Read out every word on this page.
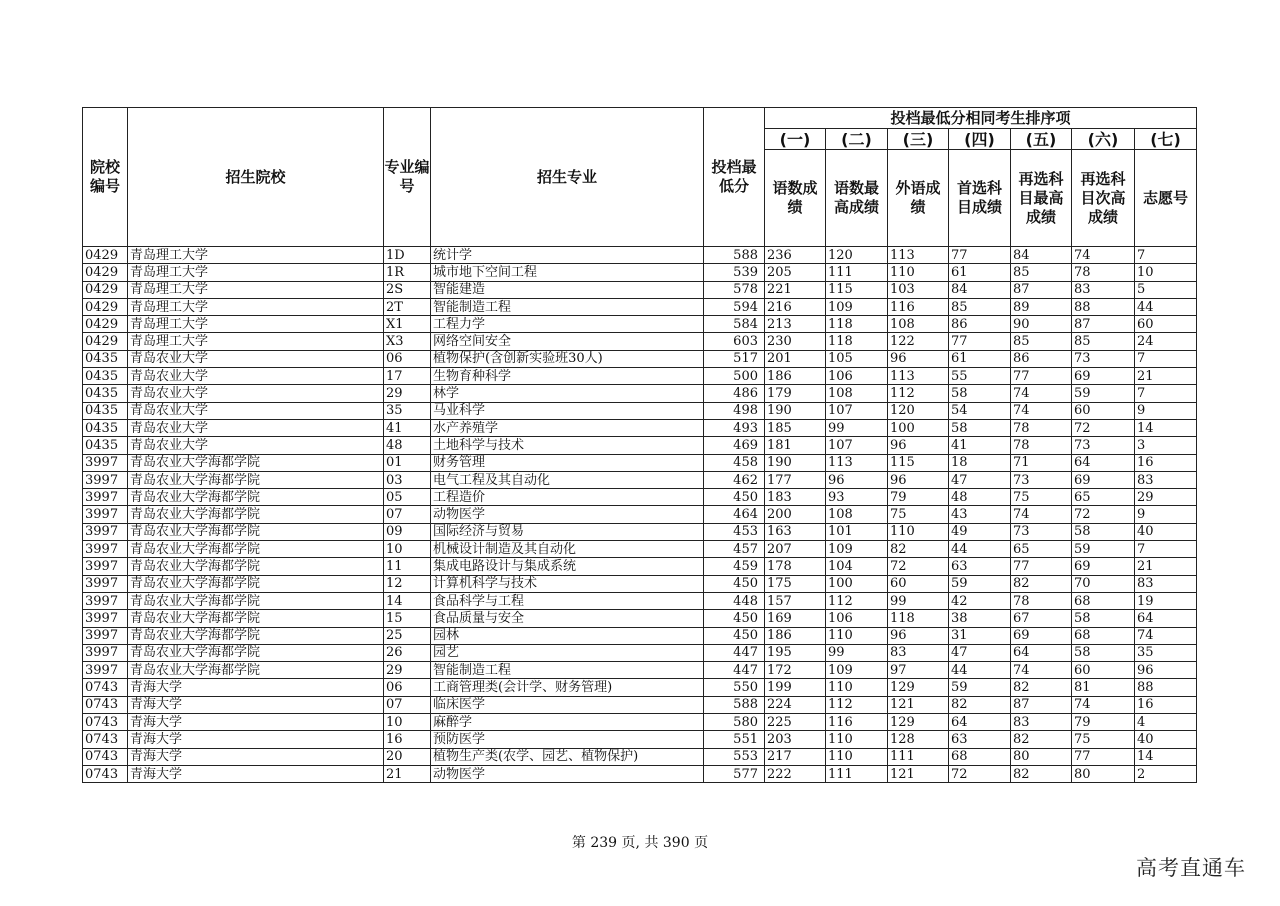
院校编号	招生院校	专业编号	招生专业	投档最低分	投档最低分相同考生排序项						
					(一)	(二)	(三)	(四)	(五)	(六)	(七)
					语数成绩	语数最高成绩	外语成绩	首选科目成绩	再选科目最高成绩	再选科目次高成绩	志愿号
0429	青岛理工大学	1D	统计学	588	236	120	113	77	84	74	7
0429	青岛理工大学	1R	城市地下空间工程	539	205	111	110	61	85	78	10
0429	青岛理工大学	2S	智能建造	578	221	115	103	84	87	83	5
0429	青岛理工大学	2T	智能制造工程	594	216	109	116	85	89	88	44
0429	青岛理工大学	X1	工程力学	584	213	118	108	86	90	87	60
0429	青岛理工大学	X3	网络空间安全	603	230	118	122	77	85	85	24
0435	青岛农业大学	06	植物保护(含创新实验班30人)	517	201	105	96	61	86	73	7
0435	青岛农业大学	17	生物育种科学	500	186	106	113	55	77	69	21
0435	青岛农业大学	29	林学	486	179	108	112	58	74	59	7
0435	青岛农业大学	35	马业科学	498	190	107	120	54	74	60	9
0435	青岛农业大学	41	水产养殖学	493	185	99	100	58	78	72	14
0435	青岛农业大学	48	土地科学与技术	469	181	107	96	41	78	73	3
3997	青岛农业大学海都学院	01	财务管理	458	190	113	115	18	71	64	16
3997	青岛农业大学海都学院	03	电气工程及其自动化	462	177	96	96	47	73	69	83
3997	青岛农业大学海都学院	05	工程造价	450	183	93	79	48	75	65	29
3997	青岛农业大学海都学院	07	动物医学	464	200	108	75	43	74	72	9
3997	青岛农业大学海都学院	09	国际经济与贸易	453	163	101	110	49	73	58	40
3997	青岛农业大学海都学院	10	机械设计制造及其自动化	457	207	109	82	44	65	59	7
3997	青岛农业大学海都学院	11	集成电路设计与集成系统	459	178	104	72	63	77	69	21
3997	青岛农业大学海都学院	12	计算机科学与技术	450	175	100	60	59	82	70	83
3997	青岛农业大学海都学院	14	食品科学与工程	448	157	112	99	42	78	68	19
3997	青岛农业大学海都学院	15	食品质量与安全	450	169	106	118	38	67	58	64
3997	青岛农业大学海都学院	25	园林	450	186	110	96	31	69	68	74
3997	青岛农业大学海都学院	26	园艺	447	195	99	83	47	64	58	35
3997	青岛农业大学海都学院	29	智能制造工程	447	172	109	97	44	74	60	96
0743	青海大学	06	工商管理类(会计学、财务管理)	550	199	110	129	59	82	81	88
0743	青海大学	07	临床医学	588	224	112	121	82	87	74	16
0743	青海大学	10	麻醉学	580	225	116	129	64	83	79	4
0743	青海大学	16	预防医学	551	203	110	128	63	82	75	40
0743	青海大学	20	植物生产类(农学、园艺、植物保护)	553	217	110	111	68	80	77	14
0743	青海大学	21	动物医学	577	222	111	121	72	82	80	2
第 239 页, 共 390 页
高考直通车
